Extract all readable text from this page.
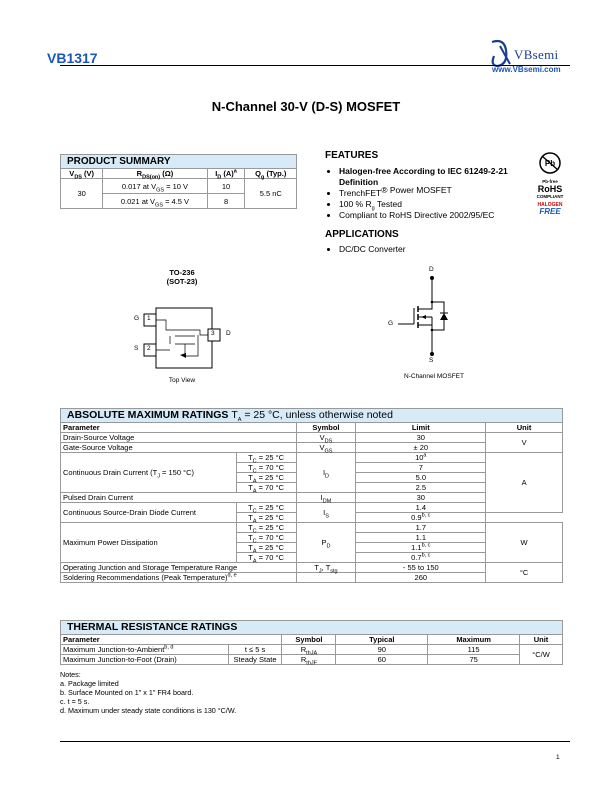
VB1317	VBsemi
www.VBsemi.com
N-Channel 30-V (D-S) MOSFET
PRODUCT SUMMARY			
$V_{DS}$ (V)	$R_{DS(on)}$ (Ω)	$I_D$ $(A)^a$	$Q_g$ (Typ.)
30	0.017 at $V_{GS} = 10$ V	10	5.5 nC
	0.021 at $V_{GS} = 4.5$ V	8	
FEATURES
• Halogen-free According to IEC 61249-2-21 Definition
• TrenchFET$^{® Power MOSFET}$
• 100 % $R_g$ Tested
• Compliant to RoHS Directive 2002/95/EC
Pb
Pb-free
RoHS
COMPLIANT
HALOGEN
FREE
APPLICATIONS
• DC/DC Converter
TO-236
(SOT-23)
1
2
3
G
S
D
Top View
D
G
S
N-Channel MOSFET
ABSOLUTE MAXIMUM RATINGS $T_A = 25$ °C, unless otherwise noted				
Parameter		Symbol	Limit	Unit
Drain-Source Voltage		$V_{DS}$	30	V
Gate-Source Voltage		$V_{GS}$	± 20	
Continuous Drain Current ($T_J = 150$ °C)	$T_C = 25$ °C	$I_D$	10$^a$	A
	$T_C = 70$ °C		7	
	$T_A = 25$ °C		5.0	
	$T_A = 70$ °C		2.5	
Pulsed Drain Current		$I_{DM}$	30	
Continuous Source-Drain Diode Current	$T_C = 25$ °C	$I_S$	1.4	
	$T_A = 25$ °C		0.9$^{b, c}$
Maximum Power Dissipation	$T_C = 25$ °C	$P_D$	1.7	W
	$T_C = 70$ °C		1.1	
	$T_A = 25$ °C		1.1$^{b, c}$
	$T_A = 70$ °C		0.7$^{b, c}$
Operating Junction and Storage Temperature Range		$T_J$, $T_{stg}$	- 55 to 150	°C
Soldering Recommendations (Peak Temperature)$^{d, e}$			260	
THERMAL RESISTANCE RATINGS					
Parameter		Symbol	Typical	Maximum	Unit
Maximum Junction-to-Ambient$^{b, d}$	t ≤ 5 s	$R_{thJA}$	90	115	°C/W
Maximum Junction-to-Foot (Drain)	Steady State	$R_{thJF}$	60	75	
Notes:
a. Package limited
b. Surface Mounted on 1" x 1" FR4 board.
c. t = 5 s.
d. Maximum under steady state conditions is 130 °C/W.
1
